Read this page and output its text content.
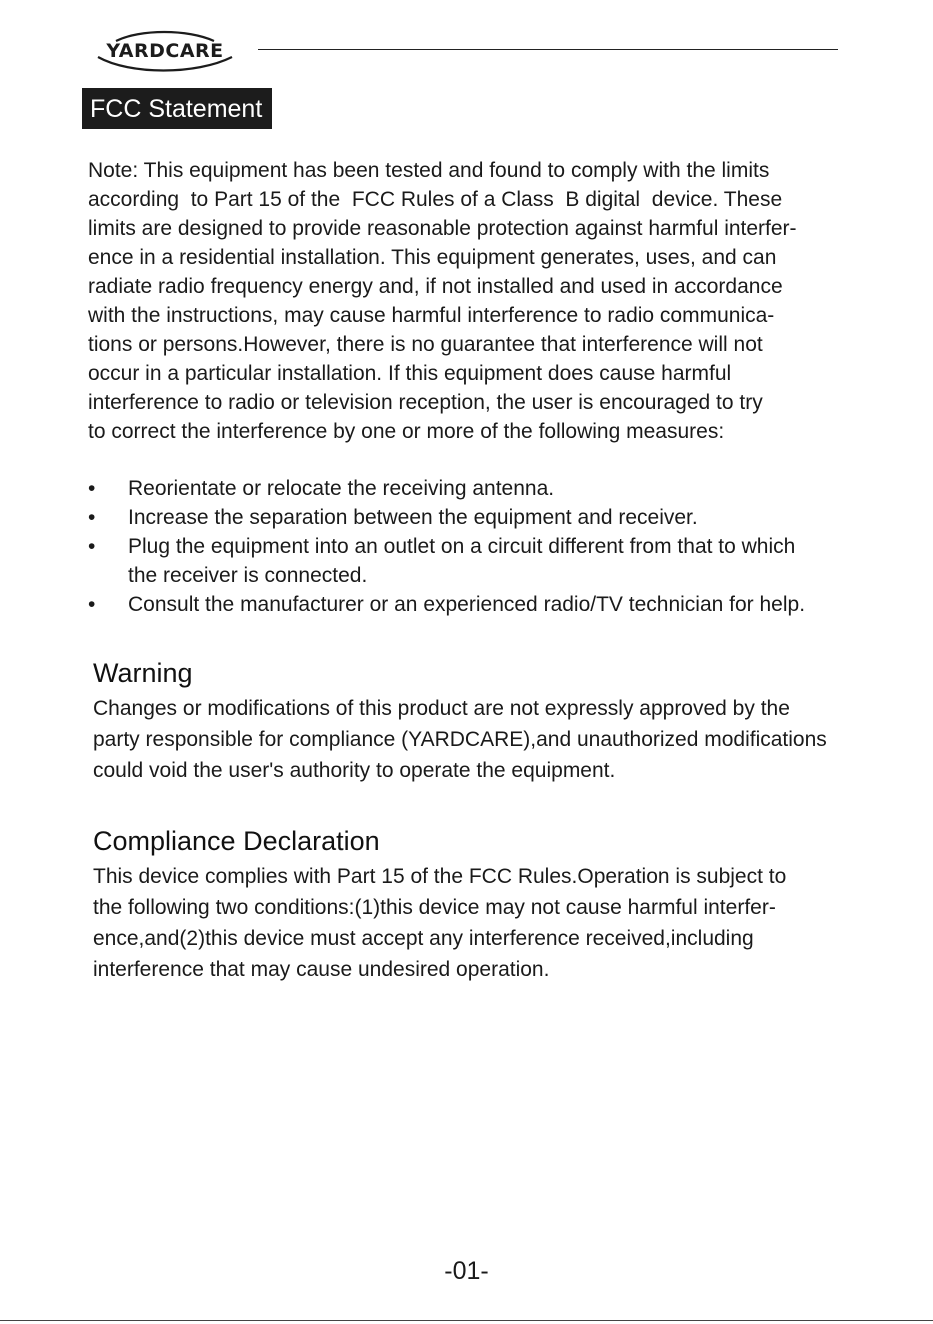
YARDCARE
FCC Statement
Note: This equipment has been tested and found to comply with the limits
according  to Part 15 of the  FCC Rules of a Class  B digital  device. These
limits are designed to provide reasonable protection against harmful interfer-
ence in a residential installation. This equipment generates, uses, and can
radiate radio frequency energy and, if not installed and used in accordance
with the instructions, may cause harmful interference to radio communica-
tions or persons.However, there is no guarantee that interference will not
occur in a particular installation. If this equipment does cause harmful
interference to radio or television reception, the user is encouraged to try
to correct the interference by one or more of the following measures:
• Reorientate or relocate the receiving antenna.
• Increase the separation between the equipment and receiver.
• Plug the equipment into an outlet on a circuit different from that to which
the receiver is connected.
• Consult the manufacturer or an experienced radio/TV technician for help.
Warning
Changes or modifications of this product are not expressly approved by the
party responsible for compliance (YARDCARE),and unauthorized modifications
could void the user's authority to operate the equipment.
Compliance Declaration
This device complies with Part 15 of the FCC Rules.Operation is subject to
the following two conditions:(1)this device may not cause harmful interfer-
ence,and(2)this device must accept any interference received,including
interference that may cause undesired operation.
-01-
